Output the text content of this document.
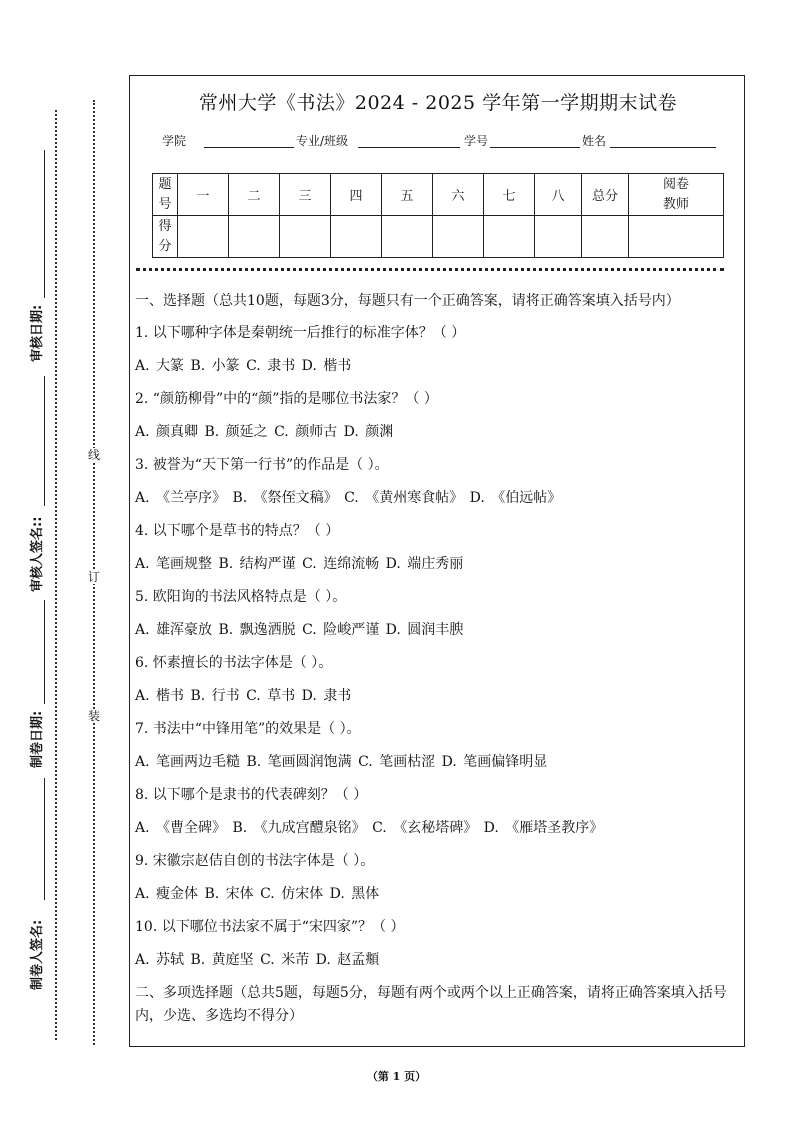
审核日期:
审核人签名::
制卷日期:
制卷人签名:
线
订
装
常州大学《书法》2024 - 2025 学年第一学期期末试卷
学院	专业/班级	学号	姓名
题号	一	二	三	四	五	六	七	八	总分	阅卷教师
得分										

一、选择题（总共10题，每题3分，每题只有一个正确答案，请将正确答案填入括号内）

1. 以下哪种字体是秦朝统一后推行的标准字体？（ ）

A. 大篆 B. 小篆 C. 隶书 D. 楷书

2. “颜筋柳骨”中的“颜”指的是哪位书法家？（ ）

A. 颜真卿 B. 颜延之 C. 颜师古 D. 颜渊

3. 被誉为“天下第一行书”的作品是（ ）。

A. 《兰亭序》 B. 《祭侄文稿》 C. 《黄州寒食帖》 D. 《伯远帖》

4. 以下哪个是草书的特点？（ ）

A. 笔画规整 B. 结构严谨 C. 连绵流畅 D. 端庄秀丽

5. 欧阳询的书法风格特点是（ ）。

A. 雄浑豪放 B. 飘逸洒脱 C. 险峻严谨 D. 圆润丰腴

6. 怀素擅长的书法字体是（ ）。

A. 楷书 B. 行书 C. 草书 D. 隶书

7. 书法中“中锋用笔”的效果是（ ）。

A. 笔画两边毛糙 B. 笔画圆润饱满 C. 笔画枯涩 D. 笔画偏锋明显

8. 以下哪个是隶书的代表碑刻？（ ）

A. 《曹全碑》 B. 《九成宫醴泉铭》 C. 《玄秘塔碑》 D. 《雁塔圣教序》

9. 宋徽宗赵佶自创的书法字体是（ ）。

A. 瘦金体 B. 宋体 C. 仿宋体 D. 黑体

10. 以下哪位书法家不属于“宋四家”？（ ）

A. 苏轼 B. 黄庭坚 C. 米芾 D. 赵孟頫

二、多项选择题（总共5题，每题5分，每题有两个或两个以上正确答案，请将正确答案填入括号内，少选、多选均不得分）

（第 1 页）
